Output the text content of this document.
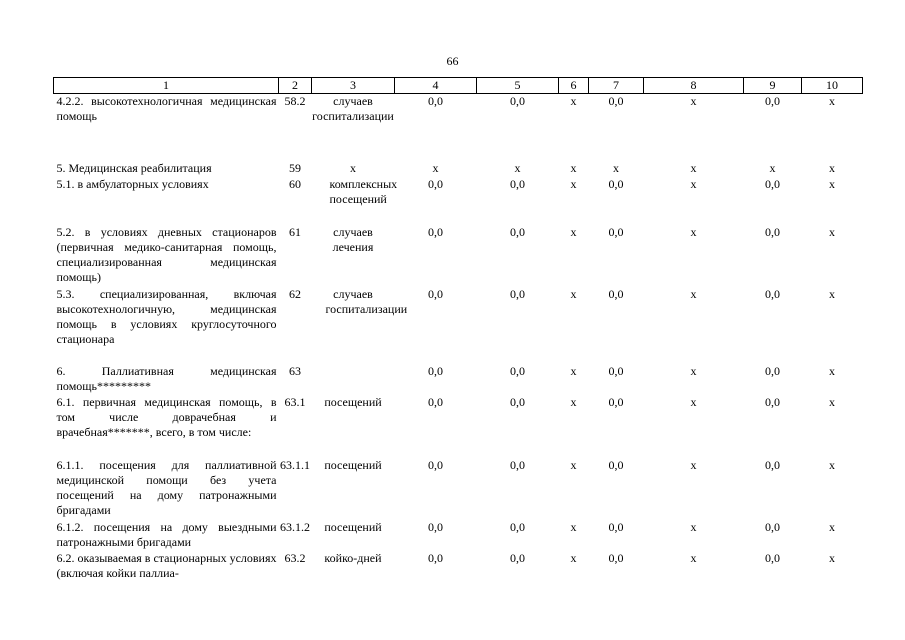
66
1	2	3	4	5	6	7	8	9	10
4.2.2. высокотехнологичная медицинская помощь	58.2	случаев госпитализации	0,0	0,0	х	0,0	х	0,0	х
5. Медицинская реабилитация	59	х	х	х	х	х	х	х	х
5.1. в амбулаторных условиях	60	комплексных посещений	0,0	0,0	х	0,0	х	0,0	х
5.2. в условиях дневных стационаров (первичная медико-санитарная помощь, специализированная медицинская помощь)	61	случаев лечения	0,0	0,0	х	0,0	х	0,0	х
5.3. специализированная, включая высокотехнологичную, медицинская помощь в условиях круглосуточного стационара	62	случаев госпитализации	0,0	0,0	х	0,0	х	0,0	х
6. Паллиативная медицинская помощь*********	63		0,0	0,0	х	0,0	х	0,0	х
6.1. первичная медицинская помощь, в том числе доврачебная и врачебная*******, всего, в том числе:	63.1	посещений	0,0	0,0	х	0,0	х	0,0	х
6.1.1. посещения для паллиативной медицинской помощи без учета посещений на дому патронажными бригадами	63.1.1	посещений	0,0	0,0	х	0,0	х	0,0	х
6.1.2. посещения на дому выездными патронажными бригадами	63.1.2	посещений	0,0	0,0	х	0,0	х	0,0	х
6.2. оказываемая в стационарных условиях (включая койки паллиа-	63.2	койко-дней	0,0	0,0	х	0,0	х	0,0	х
